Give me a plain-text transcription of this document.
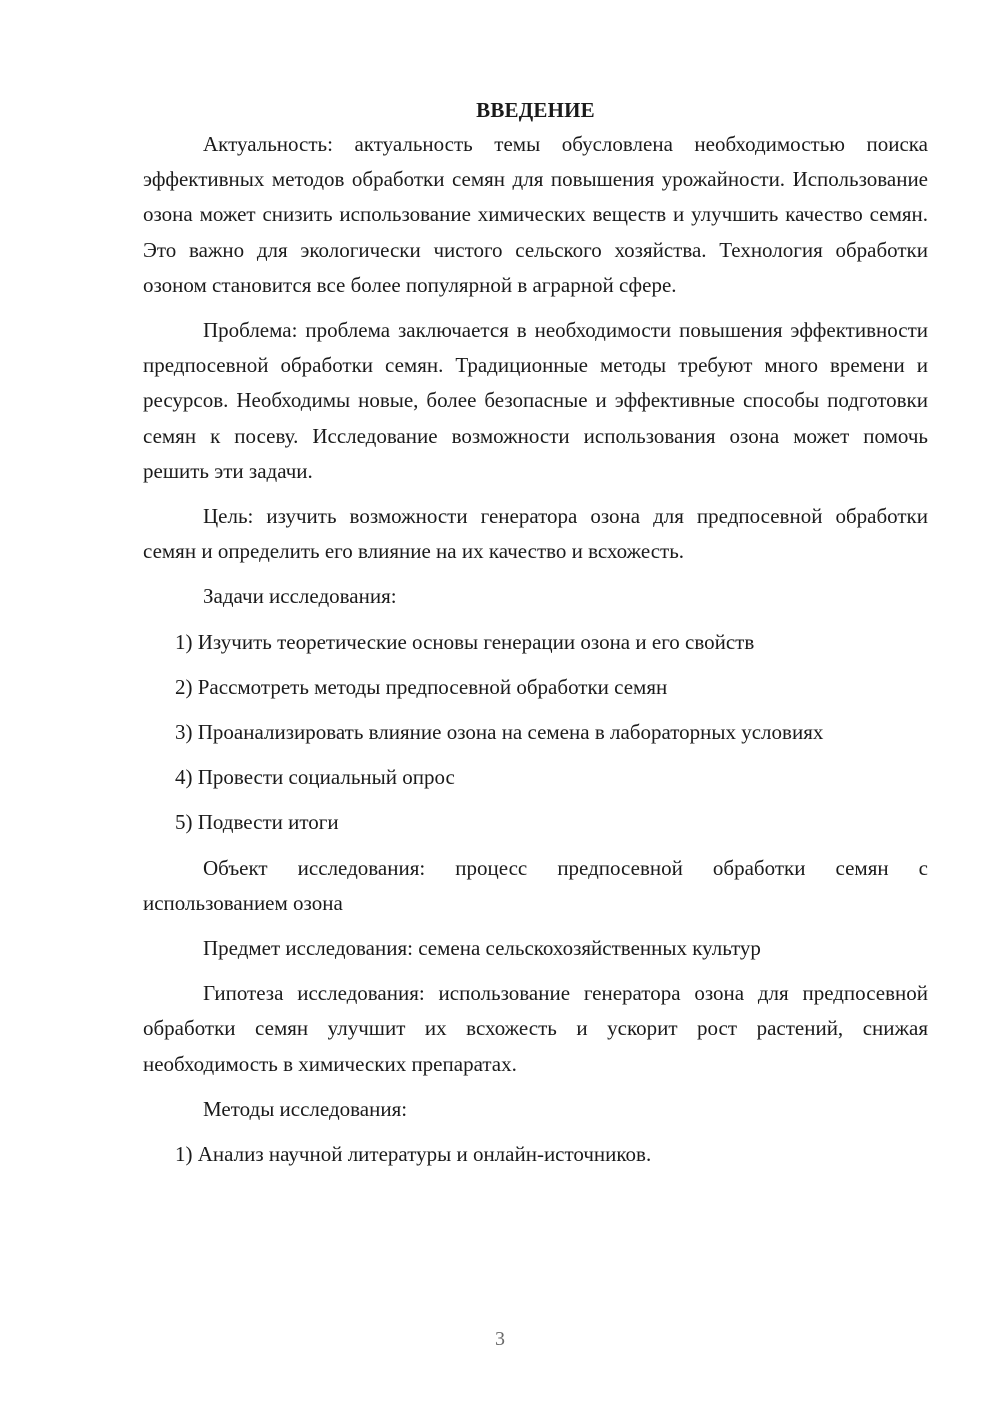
ВВЕДЕНИЕ

Актуальность: актуальность темы обусловлена необходимостью поиска эффективных методов обработки семян для повышения урожайности. Использование озона может снизить использование химических веществ и улучшить качество семян. Это важно для экологически чистого сельского хозяйства. Технология обработки озоном становится все более популярной в аграрной сфере.

Проблема: проблема заключается в необходимости повышения эффективности предпосевной обработки семян. Традиционные методы требуют много времени и ресурсов. Необходимы новые, более безопасные и эффективные способы подготовки семян к посеву. Исследование возможности использования озона может помочь решить эти задачи.

Цель: изучить возможности генератора озона для предпосевной обработки семян и определить его влияние на их качество и всхожесть.

Задачи исследования:

1) Изучить теоретические основы генерации озона и его свойств

2) Рассмотреть методы предпосевной обработки семян

3) Проанализировать влияние озона на семена в лабораторных условиях

4) Провести социальный опрос

5) Подвести итоги

Объект исследования: процесс предпосевной обработки семян с использованием озона

Предмет исследования: семена сельскохозяйственных культур

Гипотеза исследования: использование генератора озона для предпосевной обработки семян улучшит их всхожесть и ускорит рост растений, снижая необходимость в химических препаратах.

Методы исследования:

1) Анализ научной литературы и онлайн-источников.

3
